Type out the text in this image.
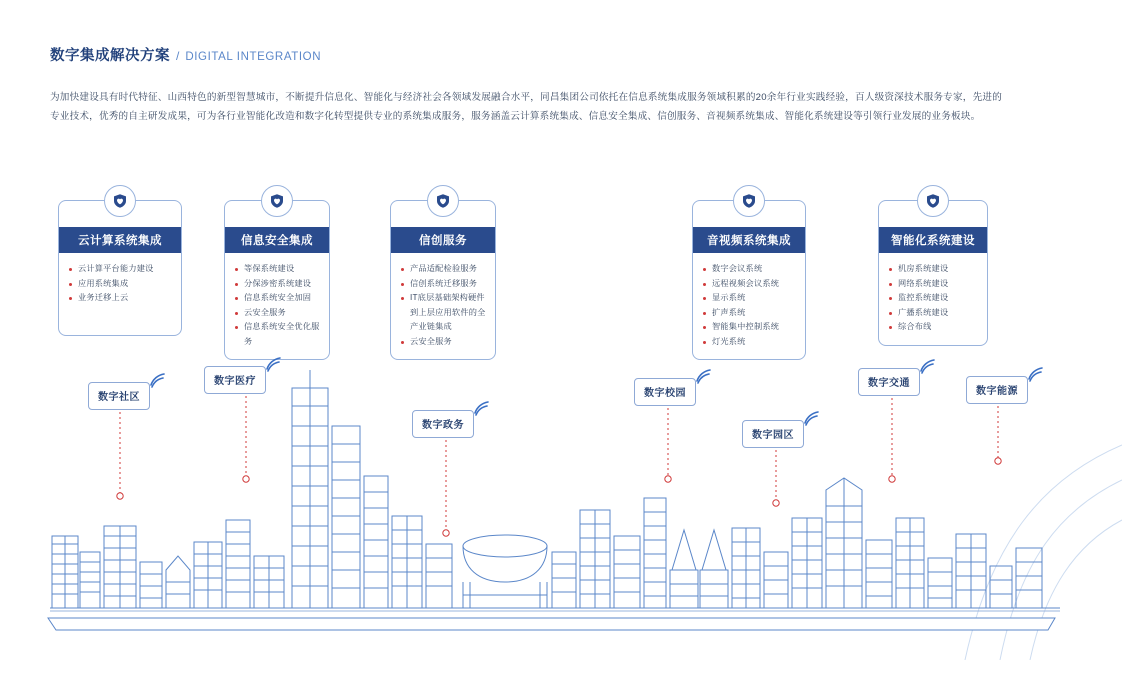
数字集成解决方案 / DIGITAL INTEGRATION
为加快建设具有时代特征、山西特色的新型智慧城市，不断提升信息化、智能化与经济社会各领域发展融合水平，同昌集团公司依托在信息系统集成服务领域积累的20余年行业实践经验，百人级资深技术服务专家，先进的专业技术，优秀的自主研发成果，可为各行业智能化改造和数字化转型提供专业的系统集成服务，服务涵盖云计算系统集成、信息安全集成、信创服务、音视频系统集成、智能化系统建设等引领行业发展的业务板块。
云计算系统集成
云计算平台能力建设
应用系统集成
业务迁移上云
信息安全集成
等保系统建设
分保涉密系统建设
信息系统安全加固
云安全服务
信息系统安全优化服务
信创服务
产品适配检验服务
信创系统迁移服务
IT底层基础架构硬件到上层应用软件的全产业链集成
云安全服务
音视频系统集成
数字会议系统
远程视频会议系统
显示系统
扩声系统
智能集中控制系统
灯光系统
智能化系统建设
机房系统建设
网络系统建设
监控系统建设
广播系统建设
综合布线
数字社区
数字医疗
数字政务
数字校园
数字园区
数字交通
数字能源
